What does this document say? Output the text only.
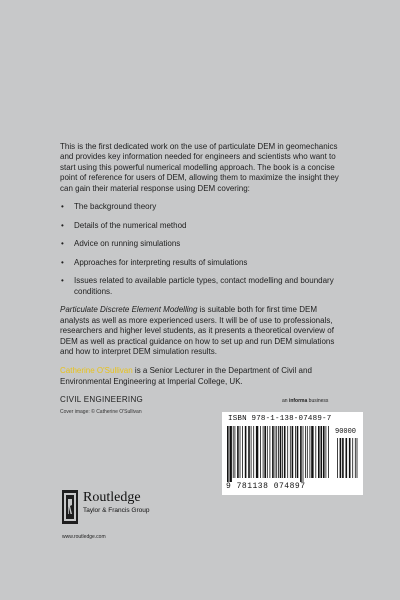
This is the first dedicated work on the use of particulate DEM in geomechanics and provides key information needed for engineers and scientists who want to start using this powerful numerical modelling approach. The book is a concise point of reference for users of DEM, allowing them to maximize the insight they can gain their material response using DEM covering:

• The background theory
• Details of the numerical method
• Advice on running simulations
• Approaches for interpreting results of simulations
• Issues related to available particle types, contact modelling and boundary conditions.

Particulate Discrete Element Modelling is suitable both for first time DEM analysts as well as more experienced users. It will be of use to professionals, researchers and higher level students, as it presents a theoretical overview of DEM as well as practical guidance on how to set up and run DEM simulations and how to interpret DEM simulation results.

Catherine O'Sullivan is a Senior Lecturer in the Department of Civil and Environmental Engineering at Imperial College, UK.

CIVIL ENGINEERING
Cover image: © Catherine O'Sullivan
an informa business
ISBN 978-1-138-07489-7
90000
9 781138 074897
Routledge
Taylor & Francis Group
www.routledge.com
